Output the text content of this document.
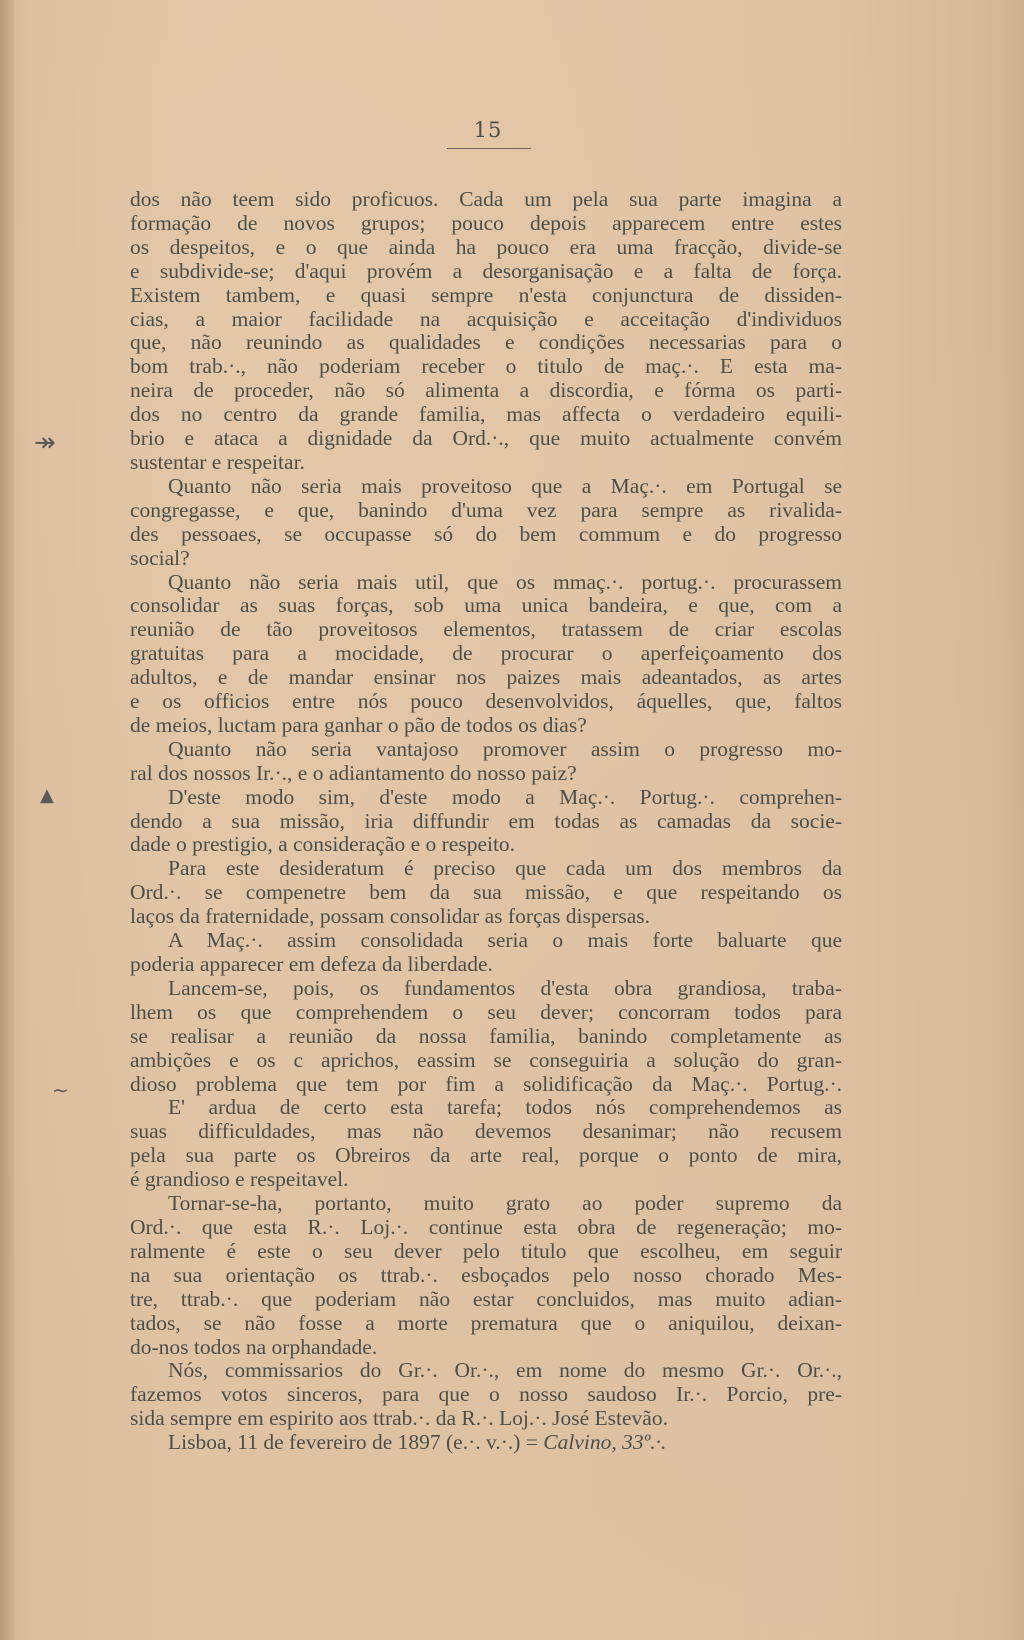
↠
▲
∼
15
dos não teem sido proficuos. Cada um pela sua parte imagina a
formação de novos grupos; pouco depois apparecem entre estes
os despeitos, e o que ainda ha pouco era uma fracção, divide-se
e subdivide-se; d'aqui provém a desorganisação e a falta de força.
Existem tambem, e quasi sempre n'esta conjunctura de dissiden-
cias, a maior facilidade na acquisição e acceitação d'individuos
que, não reunindo as qualidades e condições necessarias para o
bom trab.·., não poderiam receber o titulo de maç.·. E esta ma-
neira de proceder, não só alimenta a discordia, e fórma os parti-
dos no centro da grande familia, mas affecta o verdadeiro equili-
brio e ataca a dignidade da Ord.·., que muito actualmente convém
sustentar e respeitar.
Quanto não seria mais proveitoso que a Maç.·. em Portugal se
congregasse, e que, banindo d'uma vez para sempre as rivalida-
des pessoaes, se occupasse só do bem commum e do progresso
social?
Quanto não seria mais util, que os mmaç.·. portug.·. procurassem
consolidar as suas forças, sob uma unica bandeira, e que, com a
reunião de tão proveitosos elementos, tratassem de criar escolas
gratuitas para a mocidade, de procurar o aperfeiçoamento dos
adultos, e de mandar ensinar nos paizes mais adeantados, as artes
e os officios entre nós pouco desenvolvidos, áquelles, que, faltos
de meios, luctam para ganhar o pão de todos os dias?
Quanto não seria vantajoso promover assim o progresso mo-
ral dos nossos Ir.·., e o adiantamento do nosso paiz?
D'este modo sim, d'este modo a Maç.·. Portug.·. comprehen-
dendo a sua missão, iria diffundir em todas as camadas da socie-
dade o prestigio, a consideração e o respeito.
Para este desideratum é preciso que cada um dos membros da
Ord.·. se compenetre bem da sua missão, e que respeitando os
laços da fraternidade, possam consolidar as forças dispersas.
A Maç.·. assim consolidada seria o mais forte baluarte que
poderia apparecer em defeza da liberdade.
Lancem-se, pois, os fundamentos d'esta obra grandiosa, traba-
lhem os que comprehendem o seu dever; concorram todos para
se realisar a reunião da nossa familia, banindo completamente as
ambições e os c aprichos, eassim se conseguiria a solução do gran-
dioso problema que tem por fim a solidificação da Maç.·. Portug.·.
E' ardua de certo esta tarefa; todos nós comprehendemos as
suas difficuldades, mas não devemos desanimar; não recusem
pela sua parte os Obreiros da arte real, porque o ponto de mira,
é grandioso e respeitavel.
Tornar-se-ha, portanto, muito grato ao poder supremo da
Ord.·. que esta R.·. Loj.·. continue esta obra de regeneração; mo-
ralmente é este o seu dever pelo titulo que escolheu, em seguir
na sua orientação os ttrab.·. esboçados pelo nosso chorado Mes-
tre, ttrab.·. que poderiam não estar concluidos, mas muito adian-
tados, se não fosse a morte prematura que o aniquilou, deixan-
do-nos todos na orphandade.
Nós, commissarios do Gr.·. Or.·., em nome do mesmo Gr.·. Or.·.,
fazemos votos sinceros, para que o nosso saudoso Ir.·. Porcio, pre-
sida sempre em espirito aos ttrab.·. da R.·. Loj.·. José Estevão.
Lisboa, 11 de fevereiro de 1897 (e.·. v.·.) = Calvino, 33º.·.
